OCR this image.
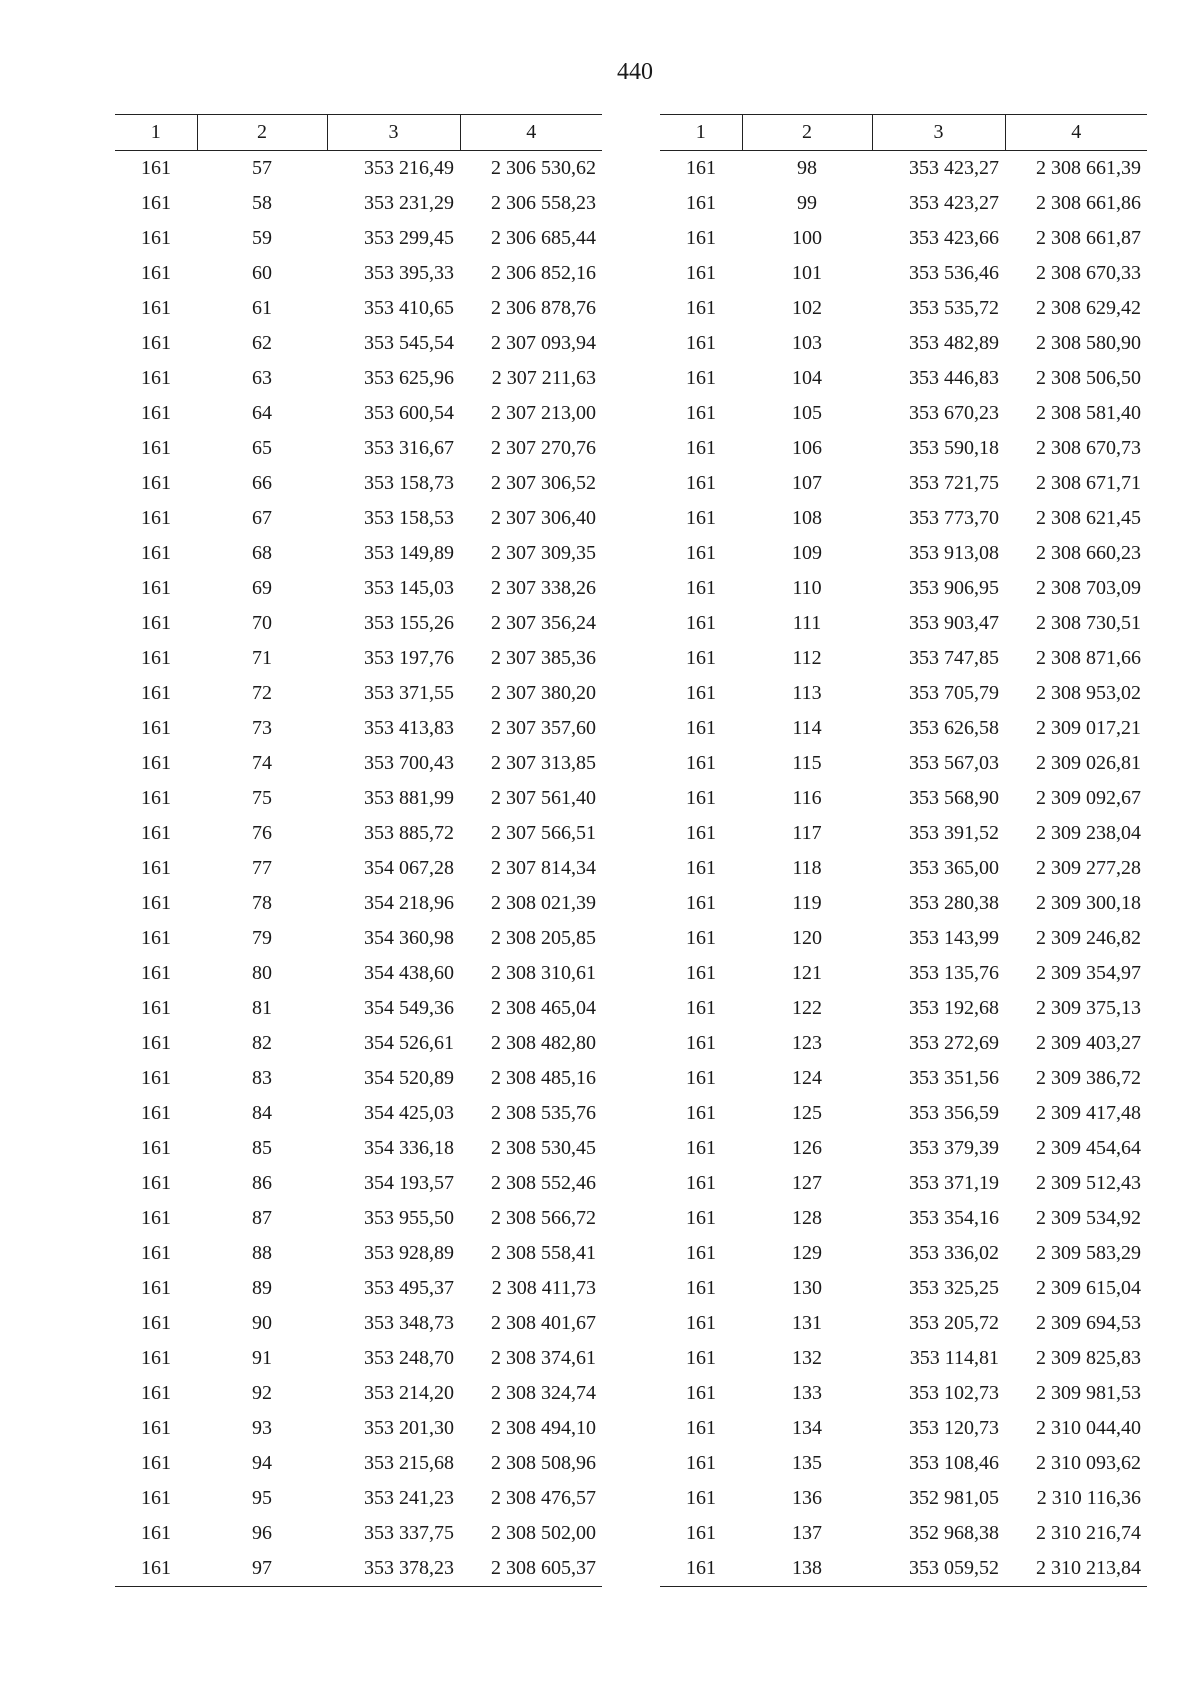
440
1	2	3	4
161	57	353 216,49	2 306 530,62
161	58	353 231,29	2 306 558,23
161	59	353 299,45	2 306 685,44
161	60	353 395,33	2 306 852,16
161	61	353 410,65	2 306 878,76
161	62	353 545,54	2 307 093,94
161	63	353 625,96	2 307 211,63
161	64	353 600,54	2 307 213,00
161	65	353 316,67	2 307 270,76
161	66	353 158,73	2 307 306,52
161	67	353 158,53	2 307 306,40
161	68	353 149,89	2 307 309,35
161	69	353 145,03	2 307 338,26
161	70	353 155,26	2 307 356,24
161	71	353 197,76	2 307 385,36
161	72	353 371,55	2 307 380,20
161	73	353 413,83	2 307 357,60
161	74	353 700,43	2 307 313,85
161	75	353 881,99	2 307 561,40
161	76	353 885,72	2 307 566,51
161	77	354 067,28	2 307 814,34
161	78	354 218,96	2 308 021,39
161	79	354 360,98	2 308 205,85
161	80	354 438,60	2 308 310,61
161	81	354 549,36	2 308 465,04
161	82	354 526,61	2 308 482,80
161	83	354 520,89	2 308 485,16
161	84	354 425,03	2 308 535,76
161	85	354 336,18	2 308 530,45
161	86	354 193,57	2 308 552,46
161	87	353 955,50	2 308 566,72
161	88	353 928,89	2 308 558,41
161	89	353 495,37	2 308 411,73
161	90	353 348,73	2 308 401,67
161	91	353 248,70	2 308 374,61
161	92	353 214,20	2 308 324,74
161	93	353 201,30	2 308 494,10
161	94	353 215,68	2 308 508,96
161	95	353 241,23	2 308 476,57
161	96	353 337,75	2 308 502,00
161	97	353 378,23	2 308 605,37
1	2	3	4
161	98	353 423,27	2 308 661,39
161	99	353 423,27	2 308 661,86
161	100	353 423,66	2 308 661,87
161	101	353 536,46	2 308 670,33
161	102	353 535,72	2 308 629,42
161	103	353 482,89	2 308 580,90
161	104	353 446,83	2 308 506,50
161	105	353 670,23	2 308 581,40
161	106	353 590,18	2 308 670,73
161	107	353 721,75	2 308 671,71
161	108	353 773,70	2 308 621,45
161	109	353 913,08	2 308 660,23
161	110	353 906,95	2 308 703,09
161	111	353 903,47	2 308 730,51
161	112	353 747,85	2 308 871,66
161	113	353 705,79	2 308 953,02
161	114	353 626,58	2 309 017,21
161	115	353 567,03	2 309 026,81
161	116	353 568,90	2 309 092,67
161	117	353 391,52	2 309 238,04
161	118	353 365,00	2 309 277,28
161	119	353 280,38	2 309 300,18
161	120	353 143,99	2 309 246,82
161	121	353 135,76	2 309 354,97
161	122	353 192,68	2 309 375,13
161	123	353 272,69	2 309 403,27
161	124	353 351,56	2 309 386,72
161	125	353 356,59	2 309 417,48
161	126	353 379,39	2 309 454,64
161	127	353 371,19	2 309 512,43
161	128	353 354,16	2 309 534,92
161	129	353 336,02	2 309 583,29
161	130	353 325,25	2 309 615,04
161	131	353 205,72	2 309 694,53
161	132	353 114,81	2 309 825,83
161	133	353 102,73	2 309 981,53
161	134	353 120,73	2 310 044,40
161	135	353 108,46	2 310 093,62
161	136	352 981,05	2 310 116,36
161	137	352 968,38	2 310 216,74
161	138	353 059,52	2 310 213,84
